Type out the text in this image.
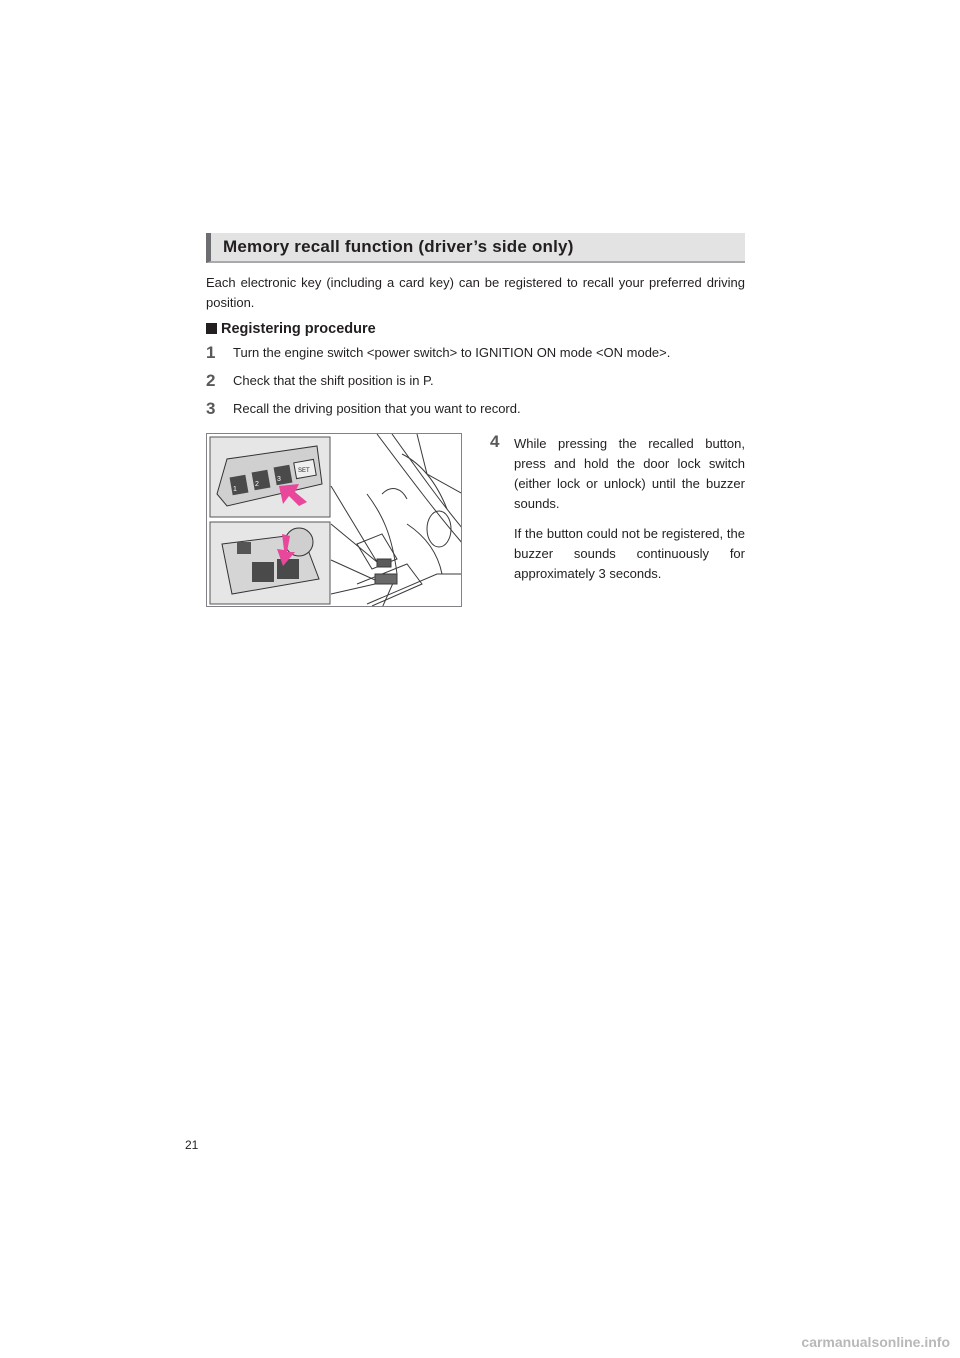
Memory recall function (driver’s side only)
Each electronic key (including a card key) can be registered to recall your preferred driving position.
Registering procedure
1 Turn the engine switch <power switch> to IGNITION ON mode <ON mode>.
2 Check that the shift position is in P.
3 Recall the driving position that you want to record.
1
2
3
SET
4 While pressing the recalled button, press and hold the door lock switch (either lock or unlock) until the buzzer sounds.

If the button could not be registered, the buzzer sounds continuously for approximately 3 seconds.

21
carmanualsonline.info
